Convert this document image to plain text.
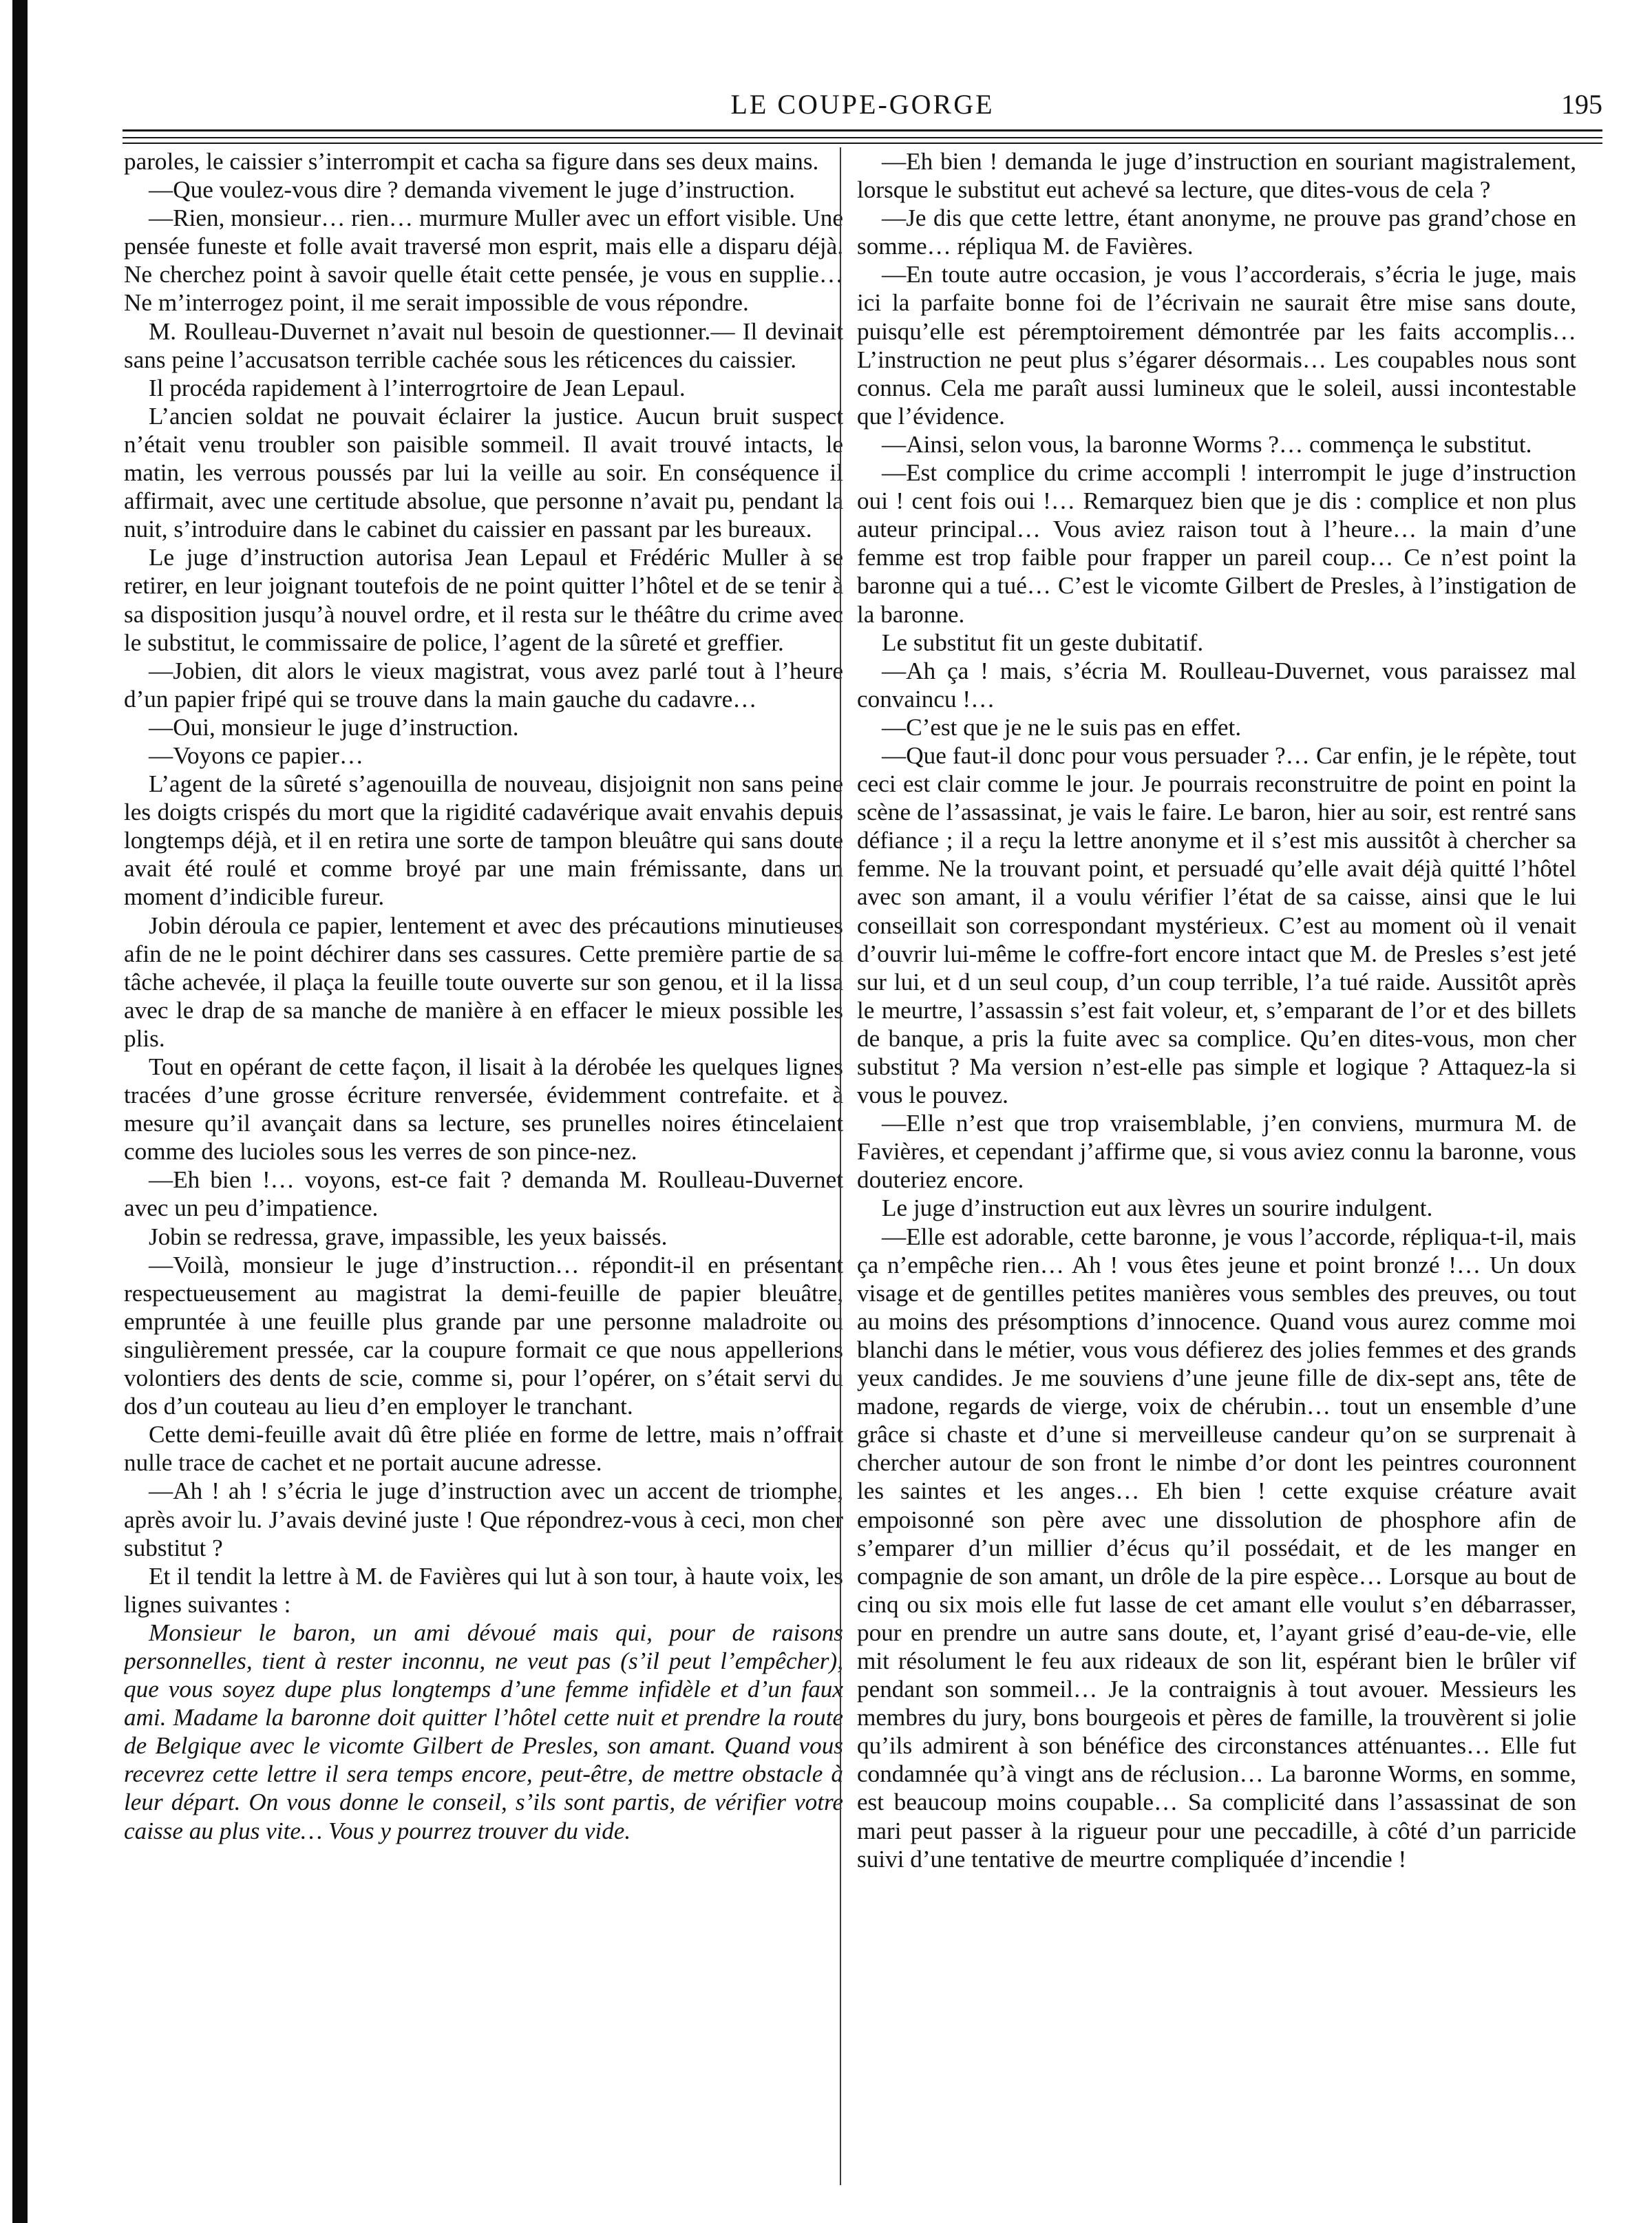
LE COUPE-GORGE	195

paroles, le caissier s’interrompit et cacha sa figure dans ses deux mains.

—Que voulez-vous dire ? demanda vivement le juge d’instruction.

—Rien, monsieur… rien… murmure Muller avec un effort visible. Une pensée funeste et folle avait traversé mon esprit, mais elle a disparu déjà. Ne cherchez point à savoir quelle était cette pensée, je vous en supplie… Ne m’interrogez point, il me serait impossible de vous répondre.

M. Roulleau-Duvernet n’avait nul besoin de questionner.— Il devinait sans peine l’accusatson terrible cachée sous les réticences du caissier.

Il procéda rapidement à l’interrogrtoire de Jean Lepaul.

L’ancien soldat ne pouvait éclairer la justice. Aucun bruit suspect n’était venu troubler son paisible sommeil. Il avait trouvé intacts, le matin, les verrous poussés par lui la veille au soir. En conséquence il affirmait, avec une certitude absolue, que personne n’avait pu, pendant la nuit, s’introduire dans le cabinet du caissier en passant par les bureaux.

Le juge d’instruction autorisa Jean Lepaul et Frédéric Muller à se retirer, en leur joignant toutefois de ne point quitter l’hôtel et de se tenir à sa disposition jusqu’à nouvel ordre, et il resta sur le théâtre du crime avec le substitut, le commissaire de police, l’agent de la sûreté et greffier.

—Jobien, dit alors le vieux magistrat, vous avez parlé tout à l’heure d’un papier fripé qui se trouve dans la main gauche du cadavre…

—Oui, monsieur le juge d’instruction.

—Voyons ce papier…

L’agent de la sûreté s’agenouilla de nouveau, disjoignit non sans peine les doigts crispés du mort que la rigidité cadavérique avait envahis depuis longtemps déjà, et il en retira une sorte de tampon bleuâtre qui sans doute avait été roulé et comme broyé par une main frémissante, dans un moment d’indicible fureur.

Jobin déroula ce papier, lentement et avec des précautions minutieuses afin de ne le point déchirer dans ses cassures. Cette première partie de sa tâche achevée, il plaça la feuille toute ouverte sur son genou, et il la lissa avec le drap de sa manche de manière à en effacer le mieux possible les plis.

Tout en opérant de cette façon, il lisait à la dérobée les quelques lignes tracées d’une grosse écriture renversée, évidemment contrefaite. et à mesure qu’il avançait dans sa lecture, ses prunelles noires étincelaient comme des lucioles sous les verres de son pince-nez.

—Eh bien !… voyons, est-ce fait ? demanda M. Roulleau-Duvernet avec un peu d’impatience.

Jobin se redressa, grave, impassible, les yeux baissés.

—Voilà, monsieur le juge d’instruction… répondit-il en présentant respectueusement au magistrat la demi-feuille de papier bleuâtre, empruntée à une feuille plus grande par une personne maladroite ou singulièrement pressée, car la coupure formait ce que nous appellerions volontiers des dents de scie, comme si, pour l’opérer, on s’était servi du dos d’un couteau au lieu d’en employer le tranchant.

Cette demi-feuille avait dû être pliée en forme de lettre, mais n’offrait nulle trace de cachet et ne portait aucune adresse.

—Ah ! ah ! s’écria le juge d’instruction avec un accent de triomphe, après avoir lu. J’avais deviné juste ! Que répondrez-vous à ceci, mon cher substitut ?

Et il tendit la lettre à M. de Favières qui lut à son tour, à haute voix, les lignes suivantes :

Monsieur le baron, un ami dévoué mais qui, pour de raisons personnelles, tient à rester inconnu, ne veut pas (s’il peut l’empêcher), que vous soyez dupe plus longtemps d’une femme infidèle et d’un faux ami. Madame la baronne doit quitter l’hôtel cette nuit et prendre la route de Belgique avec le vicomte Gilbert de Presles, son amant. Quand vous recevrez cette lettre il sera temps encore, peut-être, de mettre obstacle à leur départ. On vous donne le conseil, s’ils sont partis, de vérifier votre caisse au plus vite… Vous y pourrez trouver du vide.

—Eh bien ! demanda le juge d’instruction en souriant magistralement, lorsque le substitut eut achevé sa lecture, que dites-vous de cela ?

—Je dis que cette lettre, étant anonyme, ne prouve pas grand’chose en somme… répliqua M. de Favières.

—En toute autre occasion, je vous l’accorderais, s’écria le juge, mais ici la parfaite bonne foi de l’écrivain ne saurait être mise sans doute, puisqu’elle est péremptoirement démontrée par les faits accomplis… L’instruction ne peut plus s’égarer désormais… Les coupables nous sont connus. Cela me paraît aussi lumineux que le soleil, aussi incontestable que l’évidence.

—Ainsi, selon vous, la baronne Worms ?… commença le substitut.

—Est complice du crime accompli ! interrompit le juge d’instruction oui ! cent fois oui !… Remarquez bien que je dis : complice et non plus auteur principal… Vous aviez raison tout à l’heure… la main d’une femme est trop faible pour frapper un pareil coup… Ce n’est point la baronne qui a tué… C’est le vicomte Gilbert de Presles, à l’instigation de la baronne.

Le substitut fit un geste dubitatif.

—Ah ça ! mais, s’écria M. Roulleau-Duvernet, vous paraissez mal convaincu !…

—C’est que je ne le suis pas en effet.

—Que faut-il donc pour vous persuader ?… Car enfin, je le répète, tout ceci est clair comme le jour. Je pourrais reconstruitre de point en point la scène de l’assassinat, je vais le faire. Le baron, hier au soir, est rentré sans défiance ; il a reçu la lettre anonyme et il s’est mis aussitôt à chercher sa femme. Ne la trouvant point, et persuadé qu’elle avait déjà quitté l’hôtel avec son amant, il a voulu vérifier l’état de sa caisse, ainsi que le lui conseillait son correspondant mystérieux. C’est au moment où il venait d’ouvrir lui-même le coffre-fort encore intact que M. de Presles s’est jeté sur lui, et d un seul coup, d’un coup terrible, l’a tué raide. Aussitôt après le meurtre, l’assassin s’est fait voleur, et, s’emparant de l’or et des billets de banque, a pris la fuite avec sa complice. Qu’en dites-vous, mon cher substitut ? Ma version n’est-elle pas simple et logique ? Attaquez-la si vous le pouvez.

—Elle n’est que trop vraisemblable, j’en conviens, murmura M. de Favières, et cependant j’affirme que, si vous aviez connu la baronne, vous douteriez encore.

Le juge d’instruction eut aux lèvres un sourire indulgent.

—Elle est adorable, cette baronne, je vous l’accorde, répliqua-t-il, mais ça n’empêche rien… Ah ! vous êtes jeune et point bronzé !… Un doux visage et de gentilles petites manières vous sembles des preuves, ou tout au moins des présomptions d’innocence. Quand vous aurez comme moi blanchi dans le métier, vous vous défierez des jolies femmes et des grands yeux candides. Je me souviens d’une jeune fille de dix-sept ans, tête de madone, regards de vierge, voix de chérubin… tout un ensemble d’une grâce si chaste et d’une si merveilleuse candeur qu’on se surprenait à chercher autour de son front le nimbe d’or dont les peintres couronnent les saintes et les anges… Eh bien ! cette exquise créature avait empoisonné son père avec une dissolution de phosphore afin de s’emparer d’un millier d’écus qu’il possédait, et de les manger en compagnie de son amant, un drôle de la pire espèce… Lorsque au bout de cinq ou six mois elle fut lasse de cet amant elle voulut s’en débarrasser, pour en prendre un autre sans doute, et, l’ayant grisé d’eau-de-vie, elle mit résolument le feu aux rideaux de son lit, espérant bien le brûler vif pendant son sommeil… Je la contraignis à tout avouer. Messieurs les membres du jury, bons bourgeois et pères de famille, la trouvèrent si jolie qu’ils admirent à son bénéfice des circonstances atténuantes… Elle fut condamnée qu’à vingt ans de réclusion… La baronne Worms, en somme, est beaucoup moins coupable… Sa complicité dans l’assassinat de son mari peut passer à la rigueur pour une peccadille, à côté d’un parricide suivi d’une tentative de meurtre compliquée d’incendie !
